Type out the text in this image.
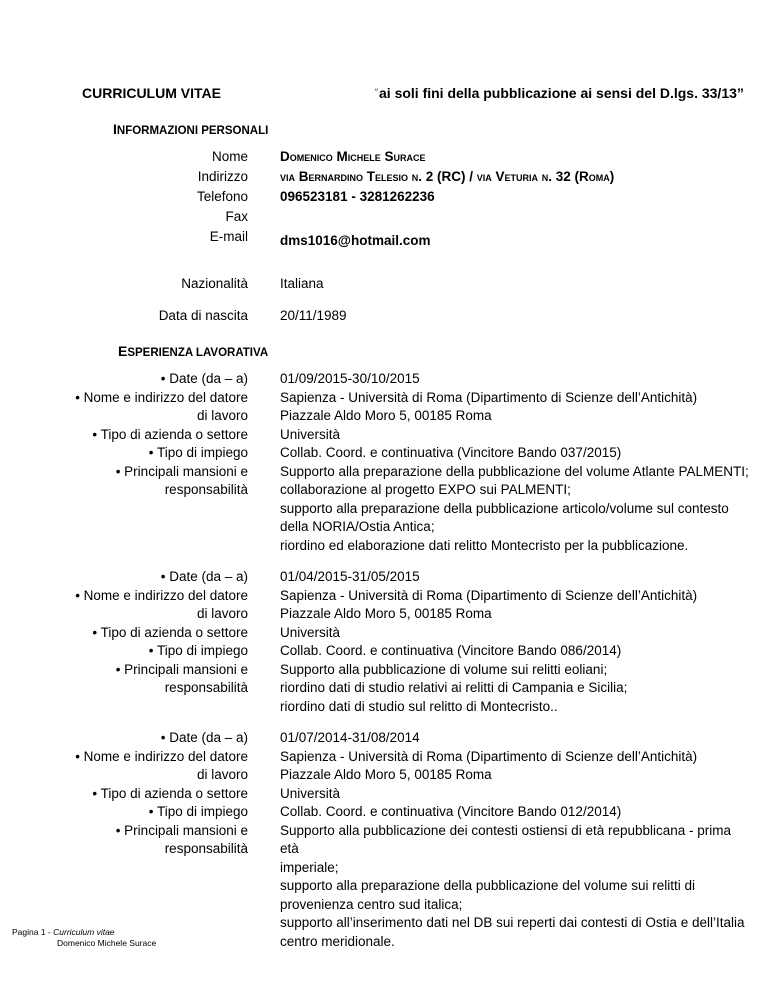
CURRICULUM VITAE	“ai soli fini della pubblicazione ai sensi del D.lgs. 33/13”
INFORMAZIONI PERSONALI
Nome
Indirizzo
Telefono
Fax
E-mail
Domenico Michele Surace
via Bernardino Telesio n. 2 (RC) / via Veturia n. 32 (Roma)
096523181 - 3281262236
dms1016@hotmail.com
Nazionalità Italiana
Data di nascita 20/11/1989
ESPERIENZA LAVORATIVA
• Date (da – a)
• Nome e indirizzo del datore
di lavoro
• Tipo di azienda o settore
• Tipo di impiego
• Principali mansioni e
responsabilità
01/09/2015-30/10/2015
Sapienza - Università di Roma (Dipartimento di Scienze dell’Antichità)
Piazzale Aldo Moro 5, 00185 Roma
Università
Collab. Coord. e continuativa (Vincitore Bando 037/2015)
Supporto alla preparazione della pubblicazione del volume Atlante PALMENTI;
collaborazione al progetto EXPO sui PALMENTI;
supporto alla preparazione della pubblicazione articolo/volume sul contesto
della NORIA/Ostia Antica;
riordino ed elaborazione dati relitto Montecristo per la pubblicazione.
• Date (da – a)
• Nome e indirizzo del datore
di lavoro
• Tipo di azienda o settore
• Tipo di impiego
• Principali mansioni e
responsabilità
01/04/2015-31/05/2015
Sapienza - Università di Roma (Dipartimento di Scienze dell’Antichità)
Piazzale Aldo Moro 5, 00185 Roma
Università
Collab. Coord. e continuativa (Vincitore Bando 086/2014)
Supporto alla pubblicazione di volume sui relitti eoliani;
riordino dati di studio relativi ai relitti di Campania e Sicilia;
riordino dati di studio sul relitto di Montecristo..
• Date (da – a)
• Nome e indirizzo del datore
di lavoro
• Tipo di azienda o settore
• Tipo di impiego
• Principali mansioni e
responsabilità
01/07/2014-31/08/2014
Sapienza - Università di Roma (Dipartimento di Scienze dell’Antichità)
Piazzale Aldo Moro 5, 00185 Roma
Università
Collab. Coord. e continuativa (Vincitore Bando 012/2014)
Supporto alla pubblicazione dei contesti ostiensi di età repubblicana - prima età
imperiale;
supporto alla preparazione della pubblicazione del volume sui relitti di
provenienza centro sud italica;
supporto all’inserimento dati nel DB sui reperti dai contesti di Ostia e dell’Italia
centro meridionale.
Pagina 1 - Curriculum vitae
Domenico Michele Surace
